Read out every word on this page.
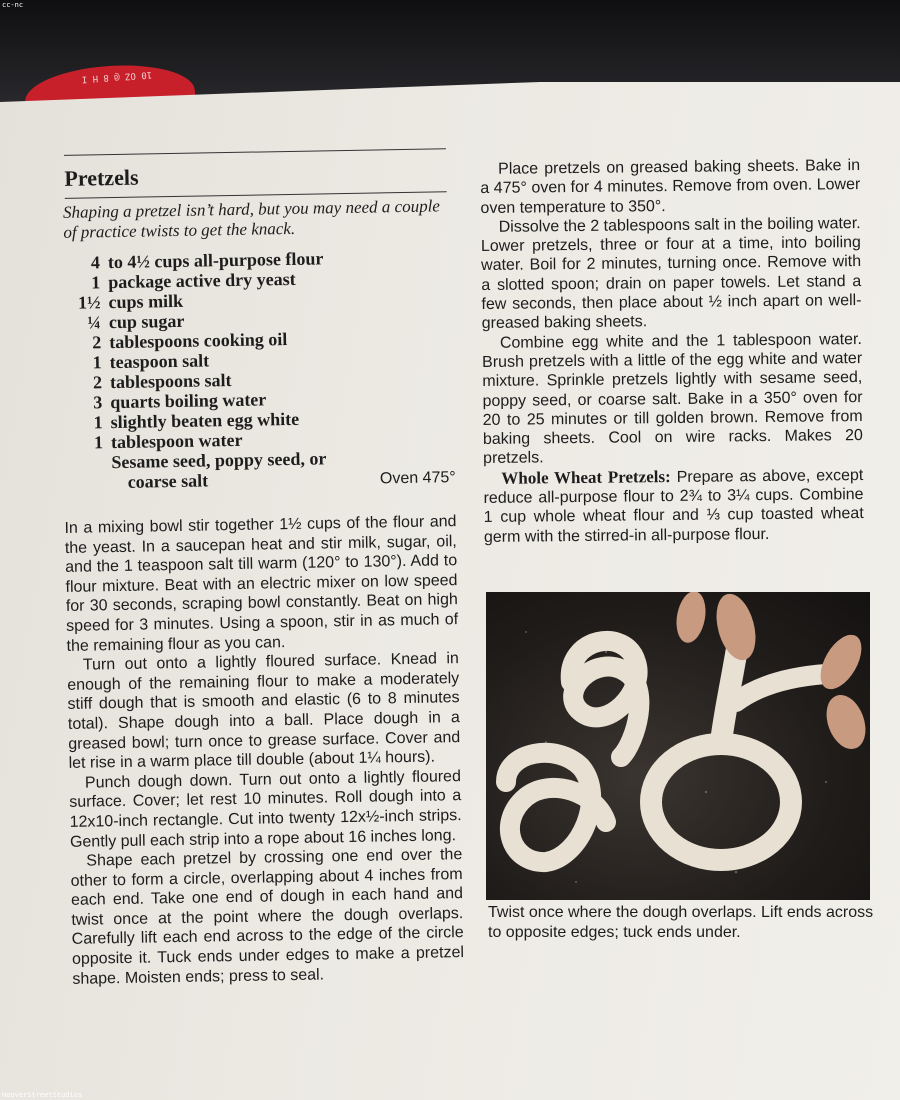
10 OZ @ 8 H I
cc-nc
Pretzels
Shaping a pretzel isn’t hard, but you may need a couple of practice twists to get the knack.
4 to 4½ cups all-purpose flour
1 package active dry yeast
1½ cups milk
¼ cup sugar
2 tablespoons cooking oil
1 teaspoon salt
2 tablespoons salt
3 quarts boiling water
1 slightly beaten egg white
1 tablespoon water
Sesame seed, poppy seed, or
coarse salt	Oven 475°

In a mixing bowl stir together 1½ cups of the flour and the yeast. In a saucepan heat and stir milk, sugar, oil, and the 1 teaspoon salt till warm (120° to 130°). Add to flour mixture. Beat with an electric mixer on low speed for 30 seconds, scraping bowl constantly. Beat on high speed for 3 minutes. Using a spoon, stir in as much of the remaining flour as you can.

Turn out onto a lightly floured surface. Knead in enough of the remaining flour to make a moderately stiff dough that is smooth and elastic (6 to 8 minutes total). Shape dough into a ball. Place dough in a greased bowl; turn once to grease surface. Cover and let rise in a warm place till double (about 1¼ hours).

Punch dough down. Turn out onto a lightly floured surface. Cover; let rest 10 minutes. Roll dough into a 12x10-inch rectangle. Cut into twenty 12x½-inch strips. Gently pull each strip into a rope about 16 inches long.

Shape each pretzel by crossing one end over the other to form a circle, overlapping about 4 inches from each end. Take one end of dough in each hand and twist once at the point where the dough overlaps. Carefully lift each end across to the edge of the circle opposite it. Tuck ends under edges to make a pretzel shape. Moisten ends; press to seal.

Place pretzels on greased baking sheets. Bake in a 475° oven for 4 minutes. Remove from oven. Lower oven temperature to 350°.

Dissolve the 2 tablespoons salt in the boiling water. Lower pretzels, three or four at a time, into boiling water. Boil for 2 minutes, turning once. Remove with a slotted spoon; drain on paper towels. Let stand a few seconds, then place about ½ inch apart on well-greased baking sheets.

Combine egg white and the 1 tablespoon water. Brush pretzels with a little of the egg white and water mixture. Sprinkle pretzels lightly with sesame seed, poppy seed, or coarse salt. Bake in a 350° oven for 20 to 25 minutes or till golden brown. Remove from baking sheets. Cool on wire racks. Makes 20 pretzels.

Whole Wheat Pretzels: Prepare as above, except reduce all-purpose flour to 2¾ to 3¼ cups. Combine 1 cup whole wheat flour and ⅓ cup toasted wheat germ with the stirred-in all-purpose flour.

Twist once where the dough overlaps. Lift ends across to opposite edges; tuck ends under.
HooverStreetStudios
